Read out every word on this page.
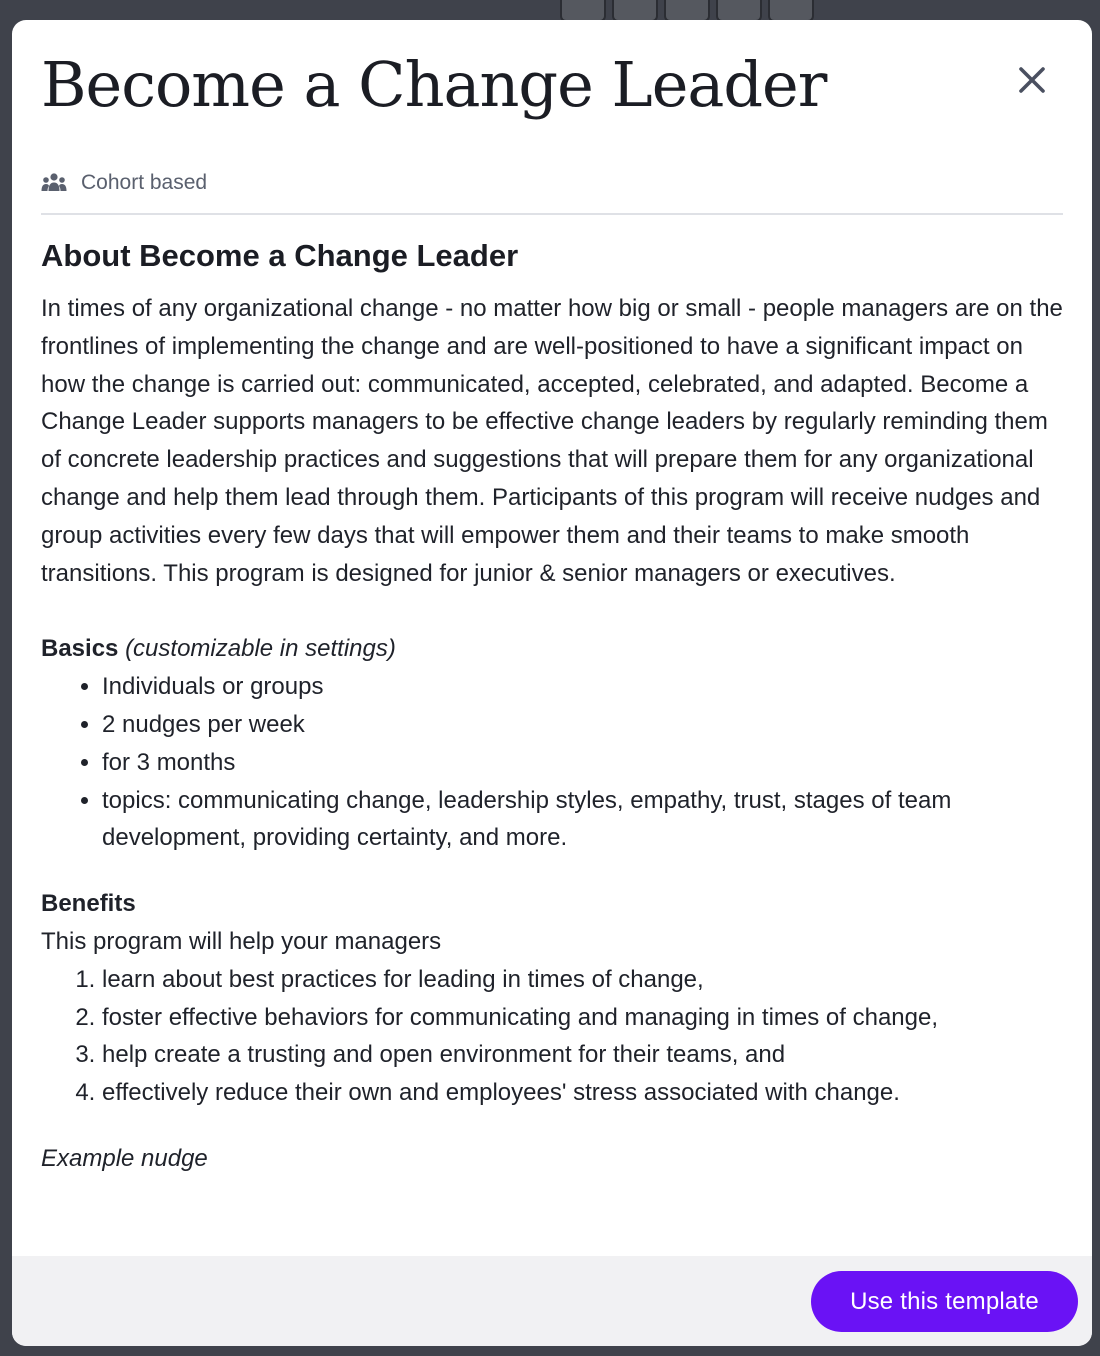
Become a Change Leader
Cohort based
About Become a Change Leader

In times of any organizational change - no matter how big or small - people managers are on the frontlines of implementing the change and are well-positioned to have a significant impact on how the change is carried out: communicated, accepted, celebrated, and adapted. Become a Change Leader supports managers to be effective change leaders by regularly reminding them of concrete leadership practices and suggestions that will prepare them for any organizational change and help them lead through them. Participants of this program will receive nudges and group activities every few days that will empower them and their teams to make smooth transitions. This program is designed for junior & senior managers or executives.

Basics (customizable in settings)
• Individuals or groups
• 2 nudges per week
• for 3 months
• topics: communicating change, leadership styles, empathy, trust, stages of team development, providing certainty, and more.
Benefits
This program will help your managers
1. learn about best practices for leading in times of change,
2. foster effective behaviors for communicating and managing in times of change,
3. help create a trusting and open environment for their teams, and
4. effectively reduce their own and employees' stress associated with change.
Example nudge
Use this template
